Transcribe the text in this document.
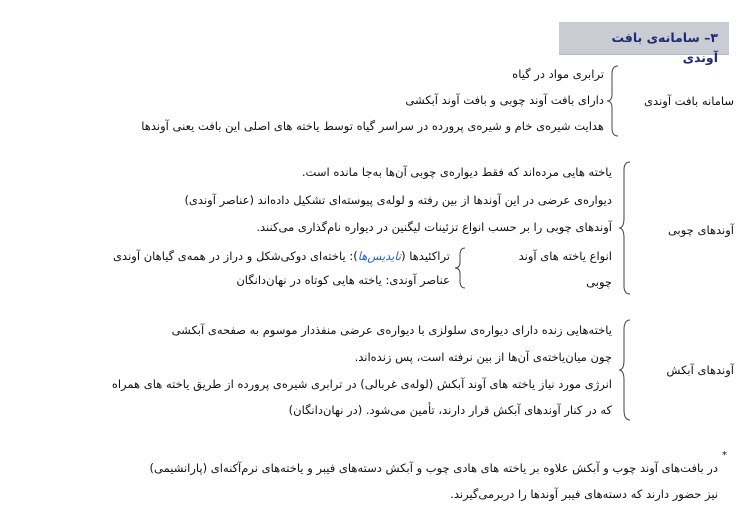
۳– سامانه‌ی بافت آوندی
سامانه بافت آوندی
ترابری مواد در گیاه
دارای بافت آوند چوبی و بافت آوند آبکشی
هدایت شیره‌ی خام و شیره‌ی پرورده در سراسر گیاه توسط یاخته های اصلی این بافت یعنی آوندها
آوندهای چوبی
یاخته هایی مرده‌اند که فقط دیواره‌ی چوبی آن‌ها به‌جا مانده است.
دیواره‌ی عرضی در این آوندها از بین رفته و لوله‌ی پیوسته‌ای تشکیل داده‌اند (عناصر آوندی)
آوندهای چوبی را بر حسب انواع تزئینات لیگنین در دیواره نام‌گذاری می‌کنند.
انواع یاخته های آوند
چوبی
تراکئیدها (تایدیس‌ها): یاخته‌ای دوکی‌شکل و دراز در همه‌ی گیاهان آوندی
عناصر آوندی: یاخته هایی کوتاه در نهان‌دانگان
آوندهای آبکش
یاخته‌هایی زنده دارای دیواره‌ی سلولزی با دیواره‌ی عرضی منفذدار موسوم به صفحه‌ی آبکشی
چون میان‌یاخته‌ی آن‌ها از بین نرفته است، پس زنده‌اند.
انرژی مورد نیاز یاخته های آوند آبکش (لوله‌ی غربالی) در ترابری شیره‌ی پرورده از طریق یاخته های همراه
که در کنار آوندهای آبکش قرار دارند، تأمین می‌شود. (در نهان‌دانگان)
*
در بافت‌های آوند چوب و آبکش علاوه بر یاخته های هادی چوب و آبکش دسته‌های فیبر و یاخته‌های نرم‌آکنه‌ای (پارانشیمی)
نیز حضور دارند که دسته‌های فیبر آوندها را دربر‌می‌گیرند.
